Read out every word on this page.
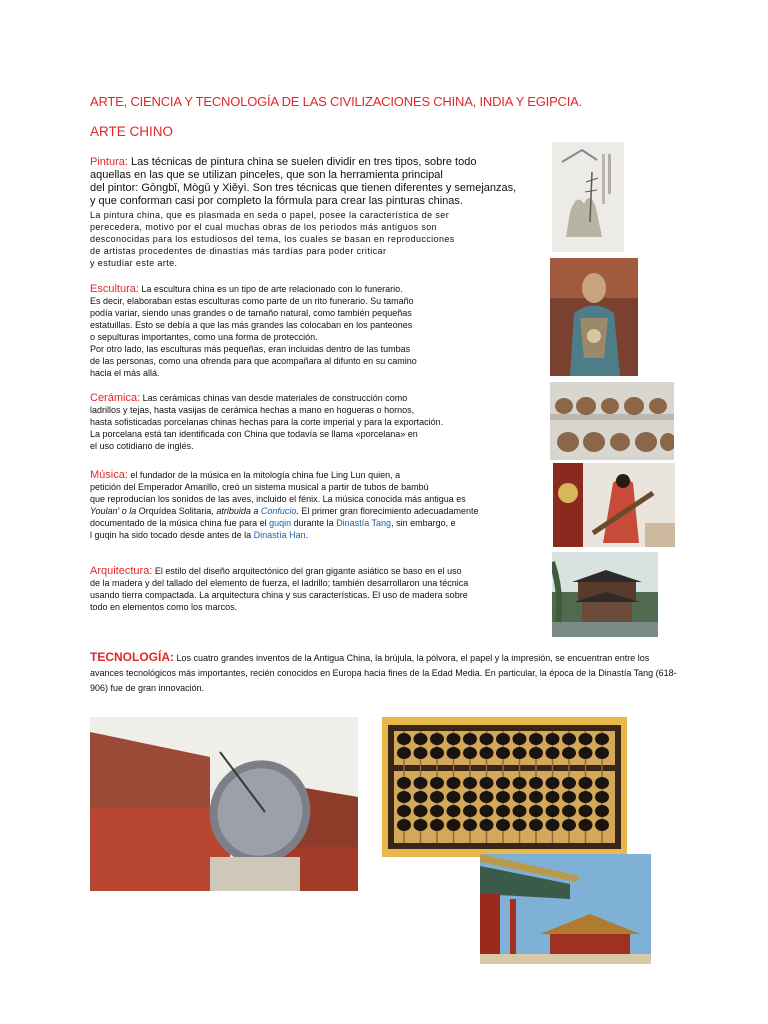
ARTE, CIENCIA Y TECNOLOGÍA DE LAS CIVILIZACIONES CHINA, INDIA Y EGIPCIA.
ARTE CHINO
Pintura: Las técnicas de pintura china se suelen dividir en tres tipos, sobre todo
aquellas en las que se utilizan pinceles, que son la herramienta principal
del pintor: Gōngbǐ, Mògǔ y Xiěyì. Son tres técnicas que tienen diferentes y semejanzas,
y que conforman casi por completo la fórmula para crear las pinturas chinas.
La pintura china, que es plasmada en seda o papel, posee la característica de ser
perecedera, motivo por el cual muchas obras de los periodos más antiguos son
desconocidas para los estudiosos del tema, los cuales se basan en reproducciones
de artistas procedentes de dinastías más tardías para poder criticar
y estudiar este arte.
Escultura: La escultura china es un tipo de arte relacionado con lo funerario.
Es decir, elaboraban estas esculturas como parte de un rito funerario. Su tamaño
podía variar, siendo unas grandes o de tamaño natural, como también pequeñas
estatuillas. Esto se debía a que las más grandes las colocaban en los panteones
o sepulturas importantes, como una forma de protección.
Por otro lado, las esculturas más pequeñas, eran incluidas dentro de las tumbas
de las personas, como una ofrenda para que acompañara al difunto en su camino
hacia el más allá.
Cerámica: Las cerámicas chinas van desde materiales de construcción como
ladrillos y tejas, hasta vasijas de cerámica hechas a mano en hogueras o hornos,
hasta sofisticadas porcelanas chinas hechas para la corte imperial y para la exportación.
La porcelana está tan identificada con China que todavía se llama «porcelana» en
el uso cotidiano de inglés.
Música: el fundador de la música en la mitología china fue Ling Lun quien, a
petición del Emperador Amarillo, creó un sistema musical a partir de tubos de bambú
que reproducían los sonidos de las aves, incluido el fénix. La música conocida más antigua es
Youlan' o la Orquídea Solitaria, atribuida a Confucio. El primer gran florecimiento adecuadamente
documentado de la música china fue para el guqin durante la Dinastía Tang, sin embargo, e
l guqin ha sido tocado desde antes de la Dinastía Han.
Arquitectura: El estilo del diseño arquitectónico del gran gigante asiático se baso en el uso
de la madera y del tallado del elemento de fuerza, el ladrillo; también desarrollaron una técnica
usando tierra compactada. La arquitectura china y sus características. El uso de madera sobre
todo en elementos como los marcos.
TECNOLOGÍA: Los cuatro grandes inventos de la Antigua China, la brújula, la pólvora, el papel y la impresión, se encuentran entre los avances tecnológicos más importantes, recién conocidos en Europa hacia fines de la Edad Media. En particular, la época de la Dinastía Tang (618-906) fue de gran innovación.
